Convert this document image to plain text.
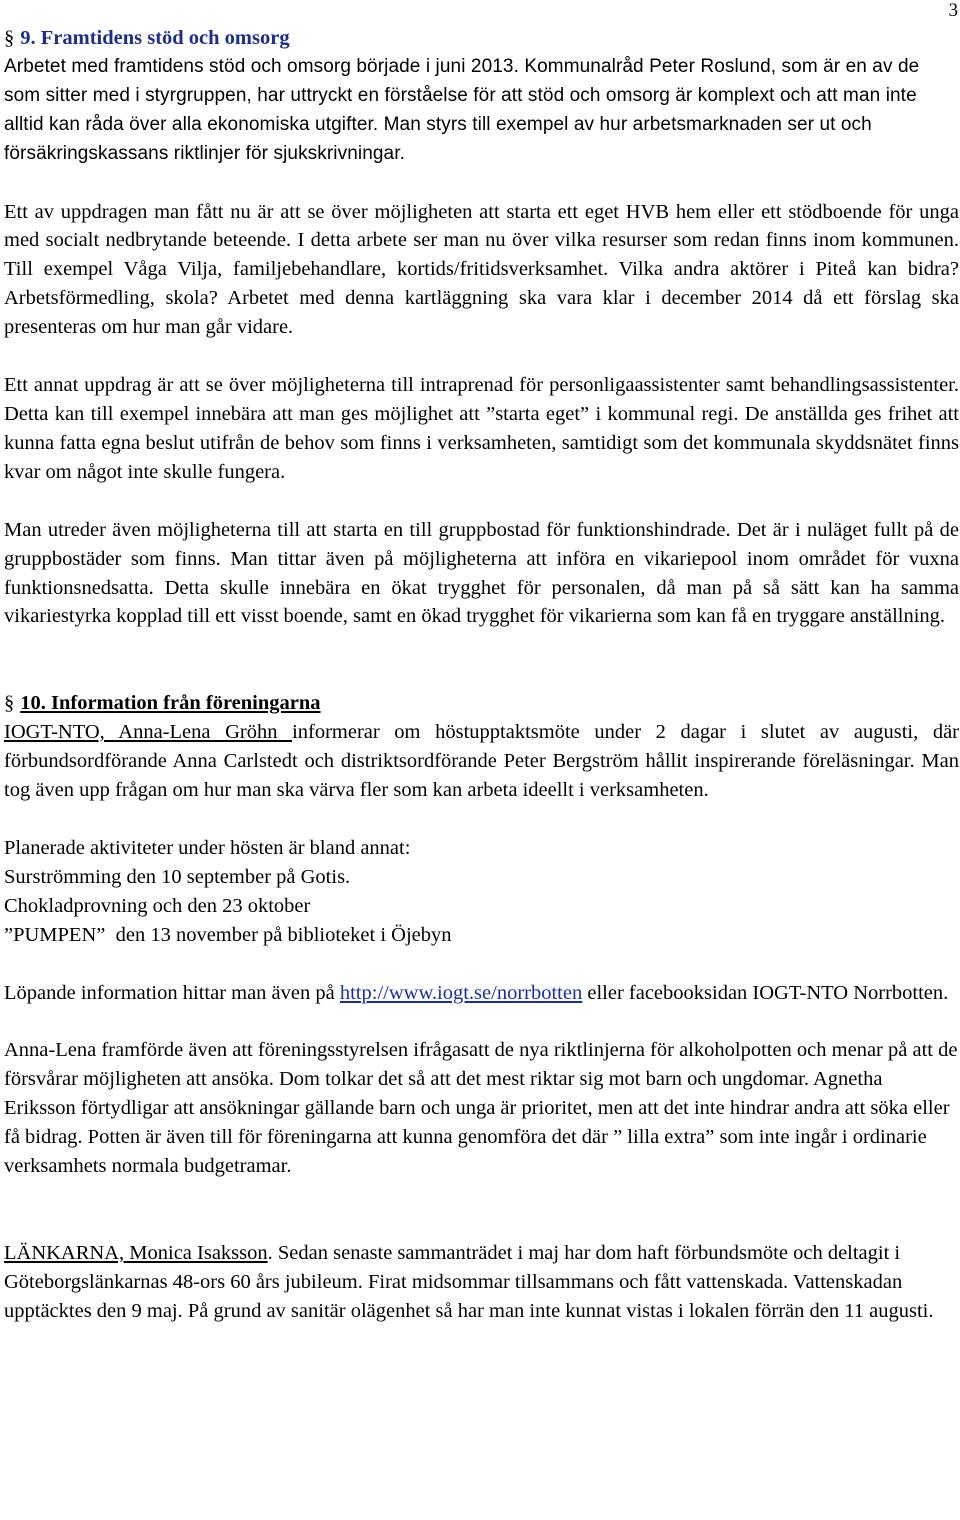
3

§ 9. Framtidens stöd och omsorg

Arbetet med framtidens stöd och omsorg började i juni 2013. Kommunalråd Peter Roslund, som är en av de som sitter med i styrgruppen, har uttryckt en förståelse för att stöd och omsorg är komplext och att man inte alltid kan råda över alla ekonomiska utgifter. Man styrs till exempel av hur arbetsmarknaden ser ut och försäkringskassans riktlinjer för sjukskrivningar.

Ett av uppdragen man fått nu är att se över möjligheten att starta ett eget HVB hem eller ett stödboende för unga med socialt nedbrytande beteende. I detta arbete ser man nu över vilka resurser som redan finns inom kommunen. Till exempel Våga Vilja, familjebehandlare, kortids/fritidsverksamhet. Vilka andra aktörer i Piteå kan bidra? Arbetsförmedling, skola? Arbetet med denna kartläggning ska vara klar i december 2014 då ett förslag ska presenteras om hur man går vidare.

Ett annat uppdrag är att se över möjligheterna till intraprenad för personligaassistenter samt behandlingsassistenter. Detta kan till exempel innebära att man ges möjlighet att ”starta eget” i kommunal regi. De anställda ges frihet att kunna fatta egna beslut utifrån de behov som finns i verksamheten, samtidigt som det kommunala skyddsnätet finns kvar om något inte skulle fungera.

Man utreder även möjligheterna till att starta en till gruppbostad för funktionshindrade. Det är i nuläget fullt på de gruppbostäder som finns. Man tittar även på möjligheterna att införa en vikariepool inom området för vuxna funktionsnedsatta. Detta skulle innebära en ökat trygghet för personalen, då man på så sätt kan ha samma vikariestyrka kopplad till ett visst boende, samt en ökad trygghet för vikarierna som kan få en tryggare anställning.

§ 10. Information från föreningarna

IOGT-NTO, Anna-Lena Gröhn informerar om höstupptaktsmöte under 2 dagar i slutet av augusti, där förbundsordförande Anna Carlstedt och distriktsordförande Peter Bergström hållit inspirerande föreläsningar. Man tog även upp frågan om hur man ska värva fler som kan arbeta ideellt i verksamheten.

Planerade aktiviteter under hösten är bland annat:

Surströmming den 10 september på Gotis.

Chokladprovning och den 23 oktober

”PUMPEN”  den 13 november på biblioteket i Öjebyn

Löpande information hittar man även på http://www.iogt.se/norrbotten eller facebooksidan IOGT-NTO Norrbotten.

Anna-Lena framförde även att föreningsstyrelsen ifrågasatt de nya riktlinjerna för alkoholpotten och menar på att de försvårar möjligheten att ansöka. Dom tolkar det så att det mest riktar sig mot barn och ungdomar. Agnetha Eriksson förtydligar att ansökningar gällande barn och unga är prioritet, men att det inte hindrar andra att söka eller få bidrag. Potten är även till för föreningarna att kunna genomföra det där ” lilla extra” som inte ingår i ordinarie verksamhets normala budgetramar.

LÄNKARNA, Monica Isaksson. Sedan senaste sammanträdet i maj har dom haft förbundsmöte och deltagit i Göteborgslänkarnas 48-ors 60 års jubileum. Firat midsommar tillsammans och fått vattenskada. Vattenskadan upptäcktes den 9 maj. På grund av sanitär olägenhet så har man inte kunnat vistas i lokalen förrän den 11 augusti.
